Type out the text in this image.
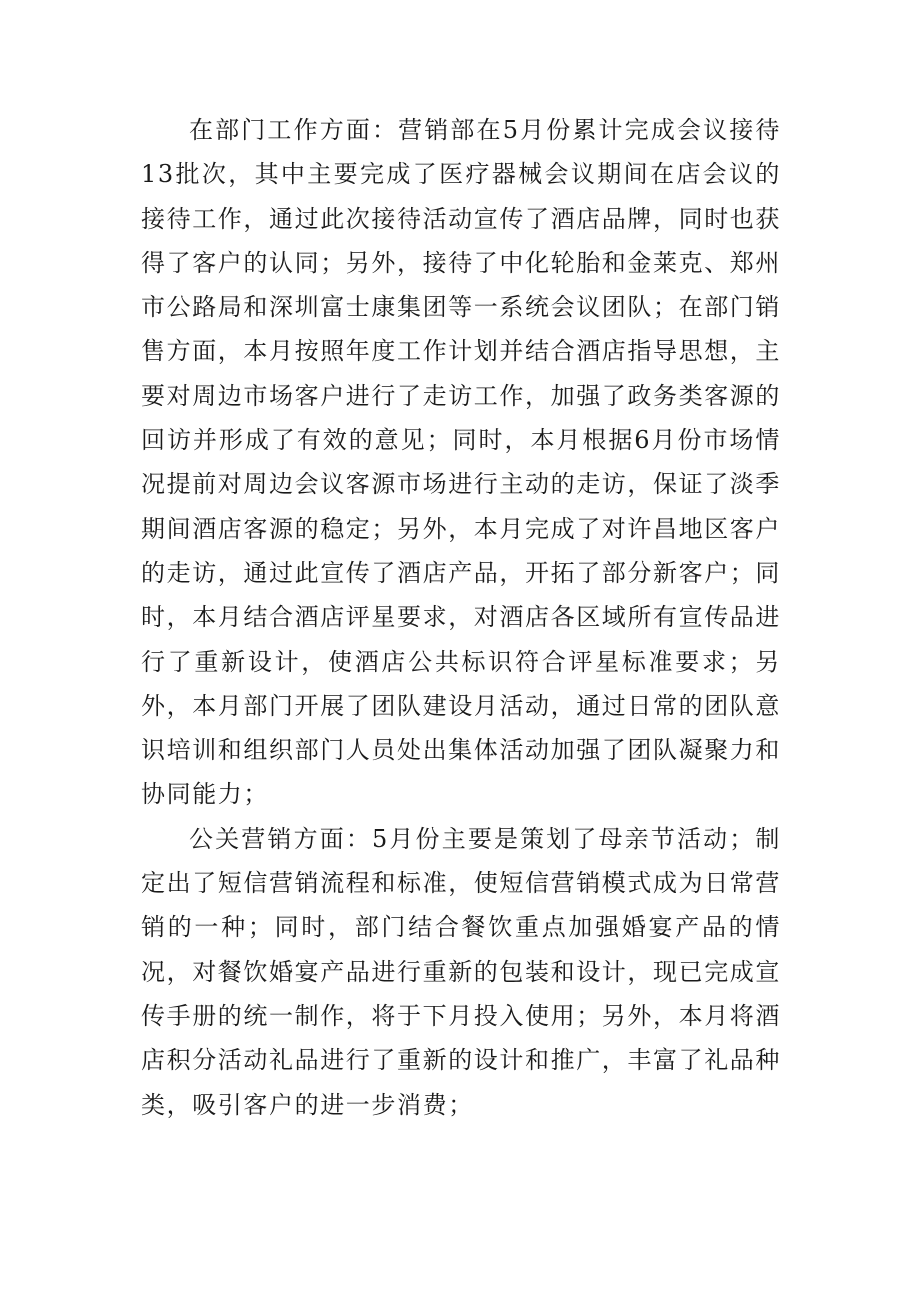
在部门工作方面：营销部在5月份累计完成会议接待13批次，其中主要完成了医疗器械会议期间在店会议的接待工作，通过此次接待活动宣传了酒店品牌，同时也获得了客户的认同；另外，接待了中化轮胎和金莱克、郑州市公路局和深圳富士康集团等一系统会议团队；在部门销售方面，本月按照年度工作计划并结合酒店指导思想，主要对周边市场客户进行了走访工作，加强了政务类客源的回访并形成了有效的意见；同时，本月根据6月份市场情况提前对周边会议客源市场进行主动的走访，保证了淡季期间酒店客源的稳定；另外，本月完成了对许昌地区客户的走访，通过此宣传了酒店产品，开拓了部分新客户；同时，本月结合酒店评星要求，对酒店各区域所有宣传品进行了重新设计，使酒店公共标识符合评星标准要求；另外，本月部门开展了团队建设月活动，通过日常的团队意识培训和组织部门人员处出集体活动加强了团队凝聚力和协同能力；

公关营销方面：5月份主要是策划了母亲节活动；制定出了短信营销流程和标准，使短信营销模式成为日常营销的一种；同时，部门结合餐饮重点加强婚宴产品的情况，对餐饮婚宴产品进行重新的包装和设计，现已完成宣传手册的统一制作，将于下月投入使用；另外，本月将酒店积分活动礼品进行了重新的设计和推广，丰富了礼品种类，吸引客户的进一步消费；
